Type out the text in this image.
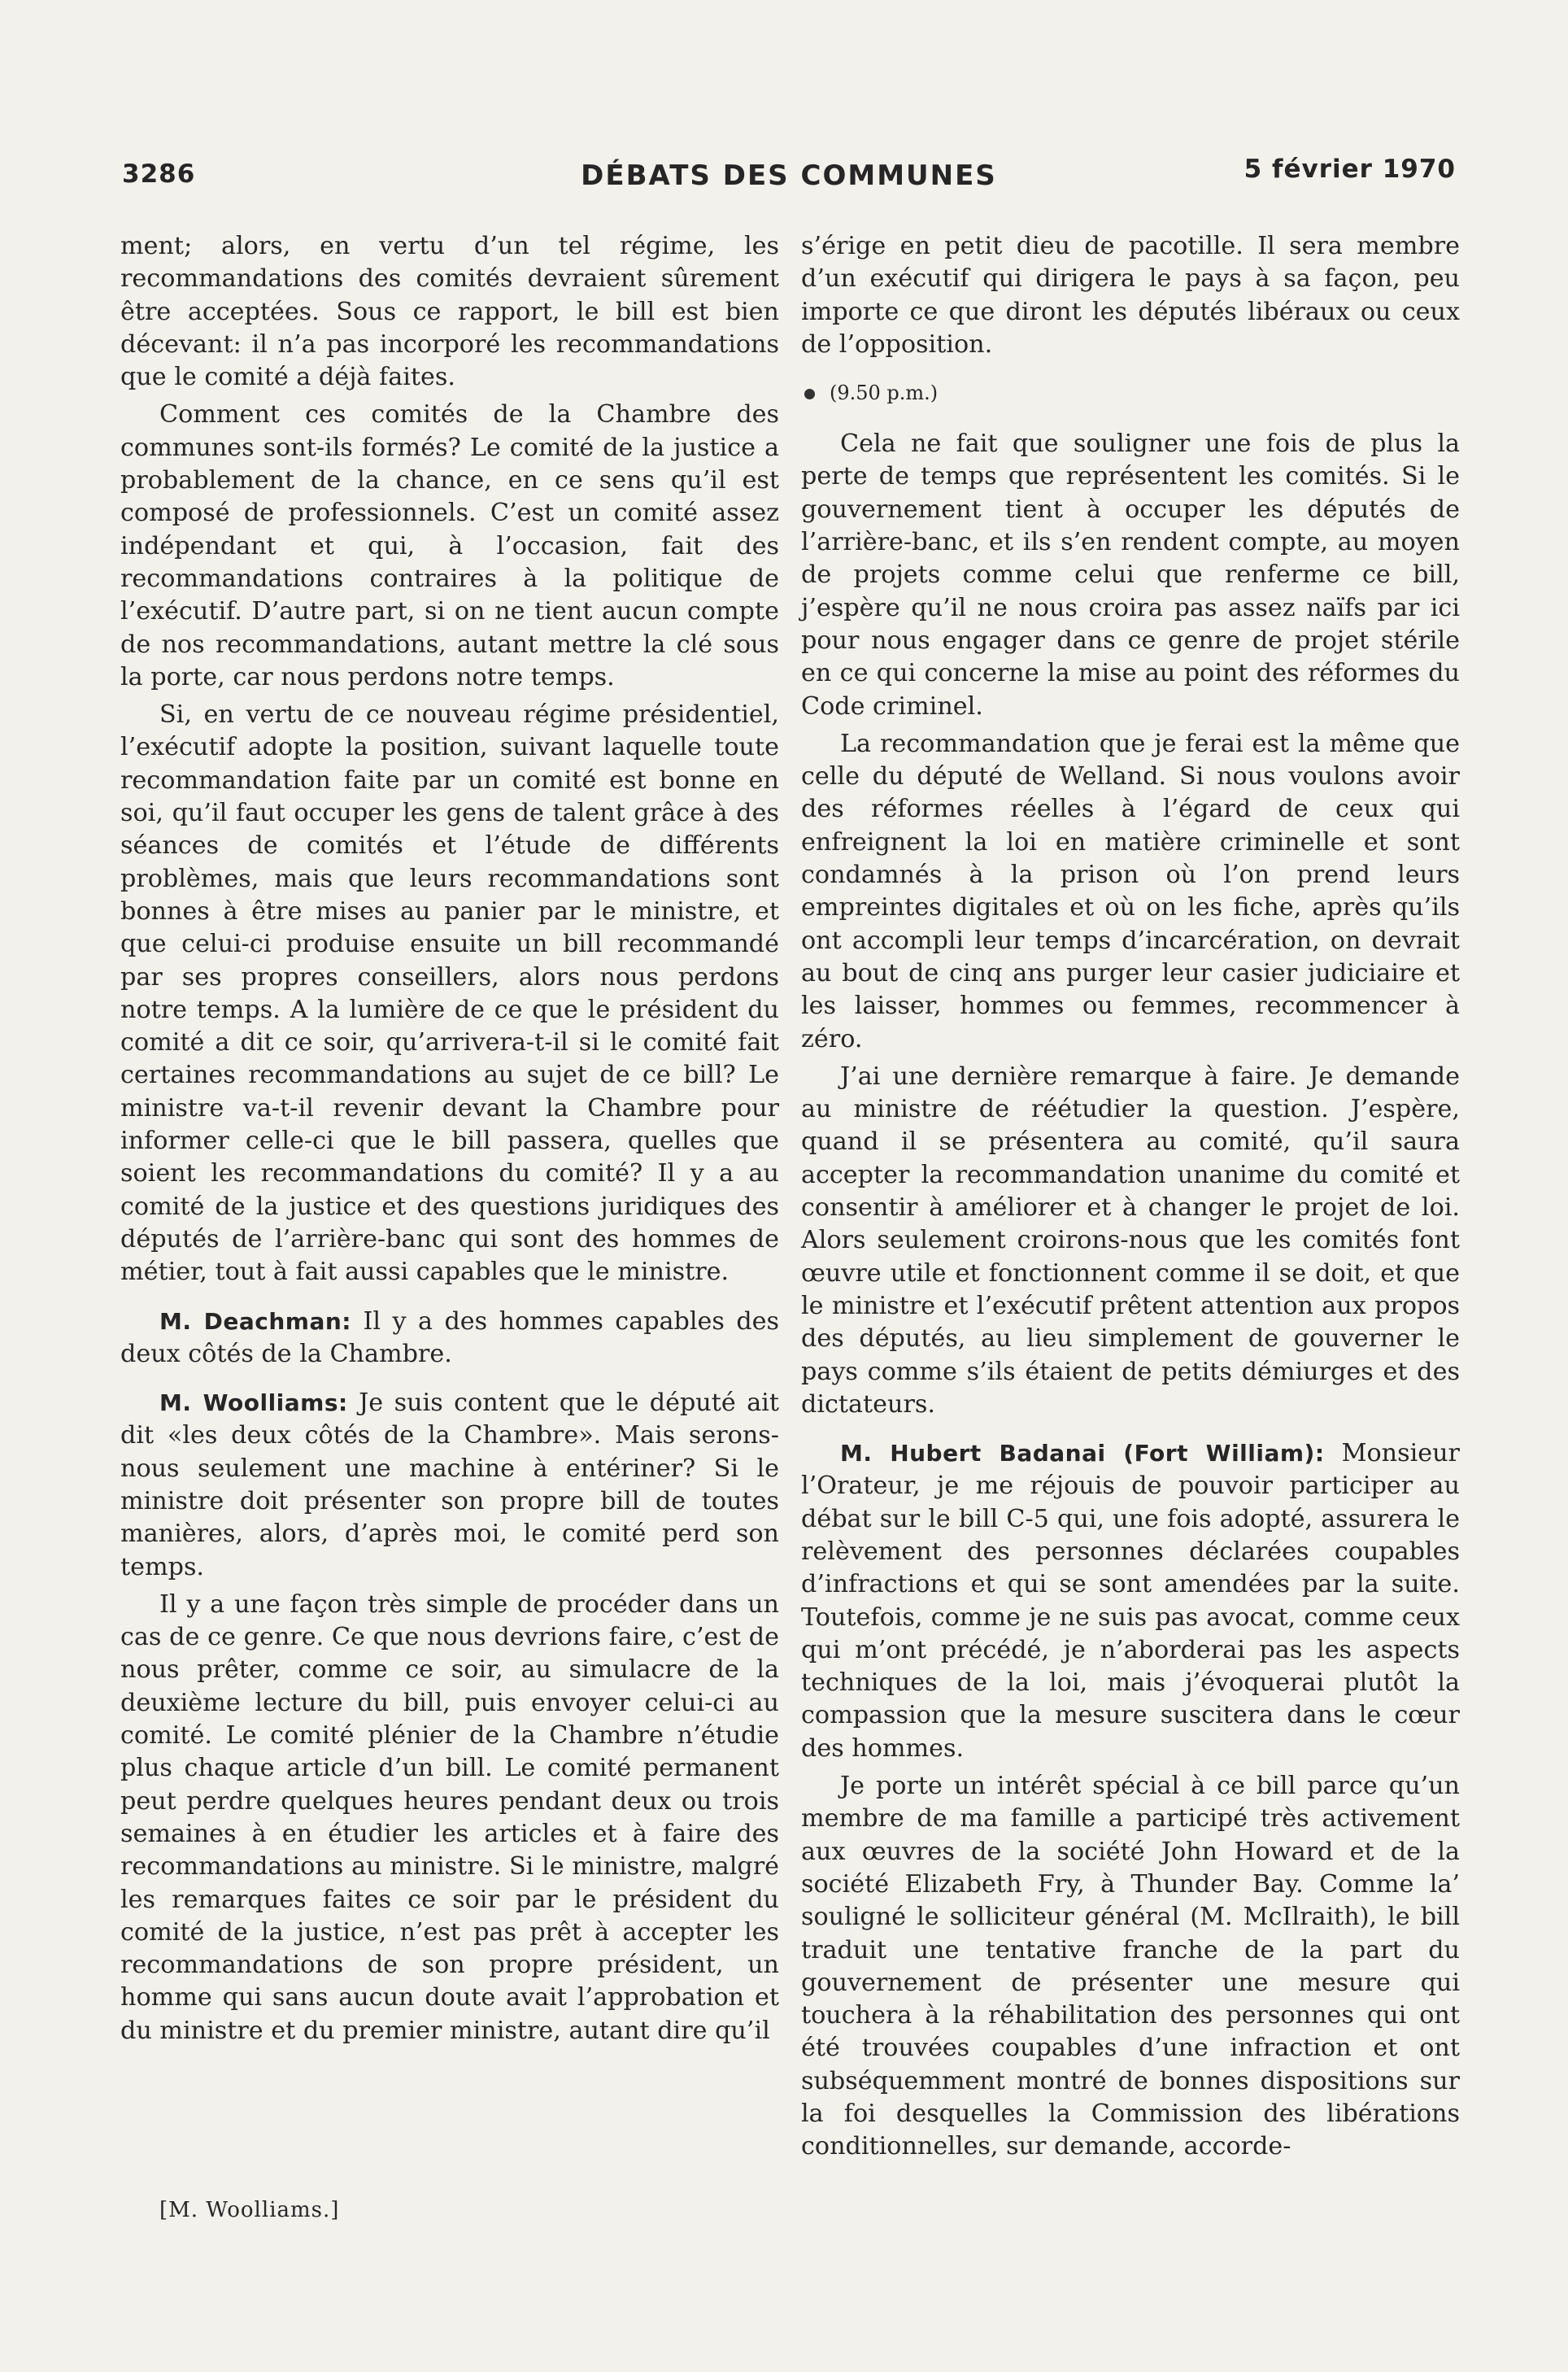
3286	DÉBATS DES COMMUNES	5 février 1970

ment; alors, en vertu d’un tel régime, les recommandations des comités devraient sûrement être acceptées. Sous ce rapport, le bill est bien décevant: il n’a pas incorporé les recommandations que le comité a déjà faites.

Comment ces comités de la Chambre des communes sont-ils formés? Le comité de la justice a probablement de la chance, en ce sens qu’il est composé de professionnels. C’est un comité assez indépendant et qui, à l’occasion, fait des recommandations contraires à la politique de l’exécutif. D’autre part, si on ne tient aucun compte de nos recommandations, autant mettre la clé sous la porte, car nous perdons notre temps.

Si, en vertu de ce nouveau régime présidentiel, l’exécutif adopte la position, suivant laquelle toute recommandation faite par un comité est bonne en soi, qu’il faut occuper les gens de talent grâce à des séances de comités et l’étude de différents problèmes, mais que leurs recommandations sont bonnes à être mises au panier par le ministre, et que celui-ci produise ensuite un bill recommandé par ses propres conseillers, alors nous perdons notre temps. A la lumière de ce que le président du comité a dit ce soir, qu’arrivera-t-il si le comité fait certaines recommandations au sujet de ce bill? Le ministre va-t-il revenir devant la Chambre pour informer celle-ci que le bill passera, quelles que soient les recommandations du comité? Il y a au comité de la justice et des questions juridiques des députés de l’arrière-banc qui sont des hommes de métier, tout à fait aussi capables que le ministre.

M. Deachman: Il y a des hommes capables des deux côtés de la Chambre.

M. Woolliams: Je suis content que le député ait dit «les deux côtés de la Chambre». Mais serons-nous seulement une machine à entériner? Si le ministre doit présenter son propre bill de toutes manières, alors, d’après moi, le comité perd son temps.

Il y a une façon très simple de procéder dans un cas de ce genre. Ce que nous devrions faire, c’est de nous prêter, comme ce soir, au simulacre de la deuxième lecture du bill, puis envoyer celui-ci au comité. Le comité plénier de la Chambre n’étudie plus chaque article d’un bill. Le comité permanent peut perdre quelques heures pendant deux ou trois semaines à en étudier les articles et à faire des recommandations au ministre. Si le ministre, malgré les remarques faites ce soir par le président du comité de la justice, n’est pas prêt à accepter les recommandations de son propre président, un homme qui sans aucun doute avait l’approbation et du ministre et du premier ministre, autant dire qu’il

s’érige en petit dieu de pacotille. Il sera membre d’un exécutif qui dirigera le pays à sa façon, peu importe ce que diront les députés libéraux ou ceux de l’opposition.

(9.50 p.m.)

Cela ne fait que souligner une fois de plus la perte de temps que représentent les comités. Si le gouvernement tient à occuper les députés de l’arrière-banc, et ils s’en rendent compte, au moyen de projets comme celui que renferme ce bill, j’espère qu’il ne nous croira pas assez naïfs par ici pour nous engager dans ce genre de projet stérile en ce qui concerne la mise au point des réformes du Code criminel.

La recommandation que je ferai est la même que celle du député de Welland. Si nous voulons avoir des réformes réelles à l’égard de ceux qui enfreignent la loi en matière criminelle et sont condamnés à la prison où l’on prend leurs empreintes digitales et où on les fiche, après qu’ils ont accompli leur temps d’incarcération, on devrait au bout de cinq ans purger leur casier judiciaire et les laisser, hommes ou femmes, recommencer à zéro.

J’ai une dernière remarque à faire. Je demande au ministre de réétudier la question. J’espère, quand il se présentera au comité, qu’il saura accepter la recommandation unanime du comité et consentir à améliorer et à changer le projet de loi. Alors seulement croirons-nous que les comités font œuvre utile et fonctionnent comme il se doit, et que le ministre et l’exécutif prêtent attention aux propos des députés, au lieu simplement de gouverner le pays comme s’ils étaient de petits démiurges et des dictateurs.

M. Hubert Badanai (Fort William): Monsieur l’Orateur, je me réjouis de pouvoir participer au débat sur le bill C-5 qui, une fois adopté, assurera le relèvement des personnes déclarées coupables d’infractions et qui se sont amendées par la suite. Toutefois, comme je ne suis pas avocat, comme ceux qui m’ont précédé, je n’aborderai pas les aspects techniques de la loi, mais j’évoquerai plutôt la compassion que la mesure suscitera dans le cœur des hommes.

Je porte un intérêt spécial à ce bill parce qu’un membre de ma famille a participé très activement aux œuvres de la société John Howard et de la société Elizabeth Fry, à Thunder Bay. Comme la’ souligné le solliciteur général (M. McIlraith), le bill traduit une tentative franche de la part du gouvernement de présenter une mesure qui touchera à la réhabilitation des personnes qui ont été trouvées coupables d’une infraction et ont subséquemment montré de bonnes dispositions sur la foi desquelles la Commission des libérations conditionnelles, sur demande, accorde-

[M. Woolliams.]
